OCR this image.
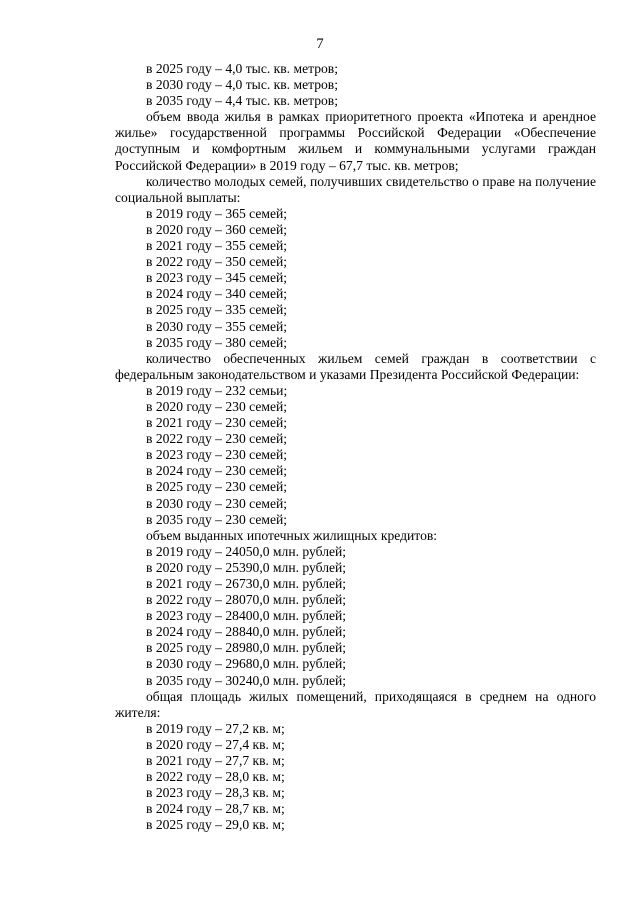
7
в 2025 году – 4,0 тыс. кв. метров;
в 2030 году – 4,0 тыс. кв. метров;
в 2035 году – 4,4 тыс. кв. метров;
объем ввода жилья в рамках приоритетного проекта «Ипотека и арендное жилье» государственной программы Российской Федерации «Обеспечение доступным и комфортным жильем и коммунальными услугами граждан Российской Федерации» в 2019 году – 67,7 тыс. кв. метров;
количество молодых семей, получивших свидетельство о праве на получение социальной выплаты:
в 2019 году – 365 семей;
в 2020 году – 360 семей;
в 2021 году – 355 семей;
в 2022 году – 350 семей;
в 2023 году – 345 семей;
в 2024 году – 340 семей;
в 2025 году – 335 семей;
в 2030 году – 355 семей;
в 2035 году – 380 семей;
количество обеспеченных жильем семей граждан в соответствии с федеральным законодательством и указами Президента Российской Федерации:
в 2019 году – 232 семьи;
в 2020 году – 230 семей;
в 2021 году – 230 семей;
в 2022 году – 230 семей;
в 2023 году – 230 семей;
в 2024 году – 230 семей;
в 2025 году – 230 семей;
в 2030 году – 230 семей;
в 2035 году – 230 семей;
объем выданных ипотечных жилищных кредитов:
в 2019 году – 24050,0 млн. рублей;
в 2020 году – 25390,0 млн. рублей;
в 2021 году – 26730,0 млн. рублей;
в 2022 году – 28070,0 млн. рублей;
в 2023 году – 28400,0 млн. рублей;
в 2024 году – 28840,0 млн. рублей;
в 2025 году – 28980,0 млн. рублей;
в 2030 году – 29680,0 млн. рублей;
в 2035 году – 30240,0 млн. рублей;
общая площадь жилых помещений, приходящаяся в среднем на одного жителя:
в 2019 году – 27,2 кв. м;
в 2020 году – 27,4 кв. м;
в 2021 году – 27,7 кв. м;
в 2022 году – 28,0 кв. м;
в 2023 году – 28,3 кв. м;
в 2024 году – 28,7 кв. м;
в 2025 году – 29,0 кв. м;
